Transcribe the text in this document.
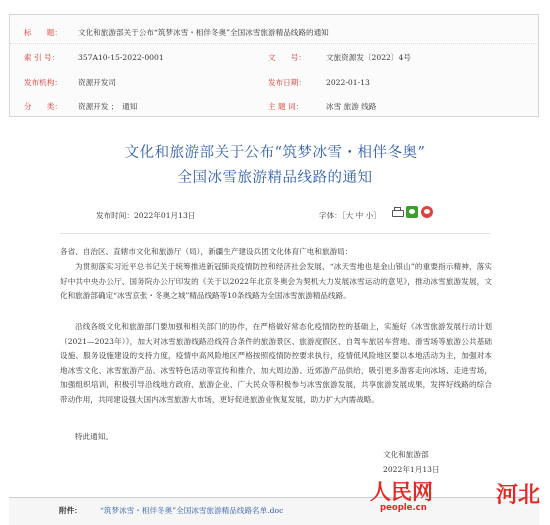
标　　题： 文化和旅游部关于公布“筑梦冰雪・相伴冬奥”全国冰雪旅游精品线路的通知
索 引 号： 357A10-15-2022-0001	文　　号：	文旅资源发〔2022〕4号
发布机构： 资源开发司	发布日期：	2022-01-13
分　　类： 资源开发 ；　通知	主 题 词：	冰雪 旅游 线路
文化和旅游部关于公布“筑梦冰雪・相伴冬奥”
全国冰雪旅游精品线路的通知
发布时间：2022年01月13日	字体：［大 中 小］

各省、自治区、直辖市文化和旅游厅（局），新疆生产建设兵团文化体育广电和旅游局：

为贯彻落实习近平总书记关于统筹推进新冠肺炎疫情防控和经济社会发展、“冰天雪地也是金山银山”的重要指示精神，落实好中共中央办公厅、国务院办公厅印发的《关于以2022年北京冬奥会为契机大力发展冰雪运动的意见》，推动冰雪旅游发展，文化和旅游部确定“冰雪京张・冬奥之城”精品线路等10条线路为全国冰雪旅游精品线路。

沿线各级文化和旅游部门要加强和相关部门的协作，在严格做好常态化疫情防控的基础上，实施好《冰雪旅游发展行动计划（2021—2023年）》，加大对冰雪旅游线路沿线符合条件的旅游景区、旅游度假区、自驾车旅居车营地、滑雪场等旅游公共基础设施、服务设施建设的支持力度，疫情中高风险地区严格按照疫情防控要求执行，疫情低风险地区要以本地活动为主，加强对本地冰雪文化、冰雪旅游产品、冰雪特色活动等宣传和推介，加大周边游、近郊游产品供给，吸引更多游客走向冰场、走进雪场，加强组织培训，积极引导沿线地方政府、旅游企业、广大民众等积极参与冰雪旅游发展，共享旅游发展成果，发挥好线路的综合带动作用，共同建设强大国内冰雪旅游大市场，更好促进旅游业恢复发展，助力扩大内需战略。

特此通知。

文化和旅游部
2022年1月13日
附件： “筑梦冰雪・相伴冬奥”全国冰雪旅游精品线路名单.doc
人民网
people.cn	河北
